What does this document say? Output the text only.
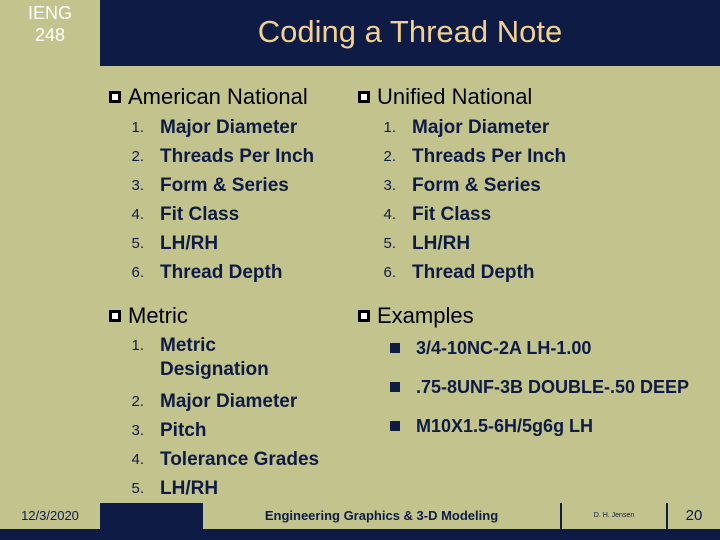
IENG
248	Coding a Thread Note
American National
1. Major Diameter
2. Threads Per Inch
3. Form & Series
4. Fit Class
5. LH/RH
6. Thread Depth
Unified National
1. Major Diameter
2. Threads Per Inch
3. Form & Series
4. Fit Class
5. LH/RH
6. Thread Depth
Metric
1. Metric
Designation
2. Major Diameter
3. Pitch
4. Tolerance Grades
5. LH/RH
Examples
3/4-10NC-2A LH-1.00
.75-8UNF-3B DOUBLE-.50 DEEP
M10X1.5-6H/5g6g LH
12/3/2020	Engineering Graphics & 3-D Modeling	D. H. Jensen	20
